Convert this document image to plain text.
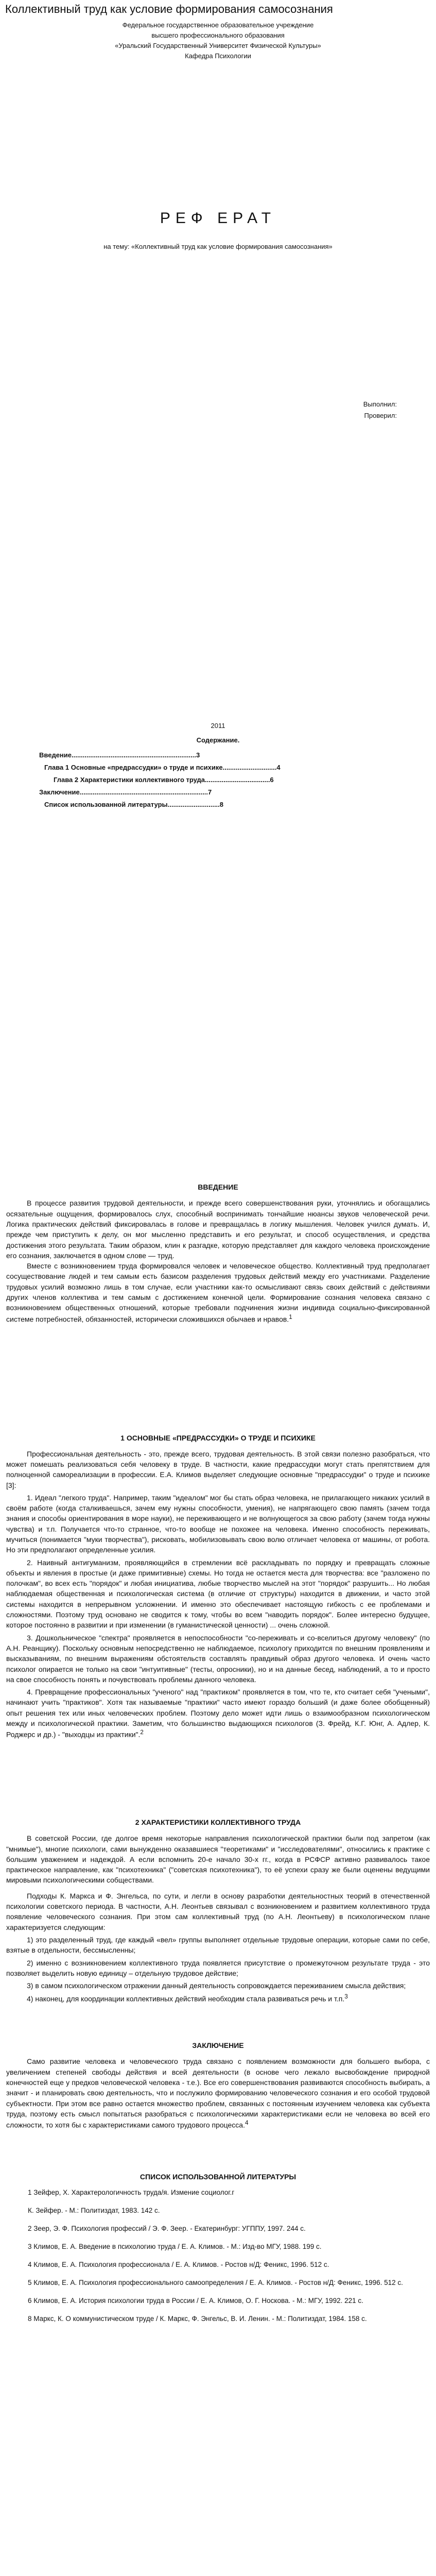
Коллективный труд как условие формирования самосознания
Федеральное государственное образовательное учреждение
высшего профессионального образования
«Уральский Государственный Университет Физической Культуры»
Кафедра Психологии
РЕФ ЕРАТ
на тему: «Коллективный труд как условие формирования самосознания»
Выполнил:
Проверил:
2011
Содержание.
Введение...................................................................3
Глава 1 Основные «предрассудки» о труде и психике.............................4
Глава 2 Характеристики коллективного труда...................................6
Заключение.....................................................................7
Список использованной литературы............................8
ВВЕДЕНИЕ

В процессе развития трудовой деятельности, и прежде всего совершенствования руки, уточнялись и обогащались осязательные ощущения, формировалось слух, способный воспринимать тончайшие нюансы звуков человеческой речи. Логика практических действий фиксировалась в голове и превращалась в логику мышления. Человек учился думать. И, прежде чем приступить к делу, он мог мысленно представить и его результат, и способ осуществления, и средства достижения этого результата. Таким образом, клин к разгадке, которую представляет для каждого человека происхождение его сознания, заключается в одном слове — труд.

Вместе с возникновением труда формировался человек и человеческое общество. Коллективный труд предполагает сосуществование людей и тем самым есть базисом разделения трудовых действий между его участниками. Разделение трудовых усилий возможно лишь в том случае, если участники как-то осмысливают связь своих действий с действиями других членов коллектива и тем самым с достижением конечной цели. Формирование сознания человека связано с возникновением общественных отношений, которые требовали подчинения жизни индивида социально-фиксированной системе потребностей, обязанностей, исторически сложившихся обычаев и нравов.$^1$

1 ОСНОВНЫЕ «ПРЕДРАССУДКИ» О ТРУДЕ И ПСИХИКЕ

Профессиональная деятельность - это, прежде всего, трудовая деятельность. В этой связи полезно разобраться, что может помешать реализоваться себя человеку в труде. В частности, какие предрассудки могут стать препятствием для полноценной самореализации в профессии. Е.А. Климов выделяет следующие основные "предрассудки" о труде и психике [3]:

1. Идеал "легкого труда". Например, таким "идеалом" мог бы стать образ человека, не прилагающего никаких усилий в своём работе (когда сталкиваешься, зачем ему нужны способности, умения), не напрягающего свою память (зачем тогда знания и способы ориентирования в море науки), не переживающего и не волнующегося за свою работу (зачем тогда нужны чувства) и т.п. Получается что-то странное, что-то вообще не похожее на человека. Именно способность переживать, мучиться (понимается "муки творчества"), рисковать, мобилизовывать свою волю отличает человека от машины, от робота. Но эти предполагают определенные усилия.

2. Наивный антигуманизм, проявляющийся в стремлении всё раскладывать по порядку и превращать сложные объекты и явления в простые (и даже примитивные) схемы. Но тогда не остается места для творчества: все "разложено по полочкам", во всех есть "порядок" и любая инициатива, любые творчество мыслей на этот "порядок" разрушить... Но любая наблюдаемая общественная и психологическая система (в отличие от структуры) находится в движении, и часто этой системы находится в непрерывном усложнении. И именно это обеспечивает настоящую гибкость с ее проблемами и сложностями. Поэтому труд основано не сводится к тому, чтобы во всем "наводить порядок". Более интересно будущее, которое постоянно в развитии и при изменении (в гуманистической ценности) ... очень сложной.

3. Дошкольническое "спектра" проявляется в непоспособности "со-переживать и со-вселиться другому человеку" (по А.Н. Реанщику). Поскольку основным непосредственно не наблюдаемое, психологу приходится по внешним проявлениям и высказываниям, по внешним выражениям обстоятельств составлять правдивый образ другого человека. И очень часто психолог опирается не только на свои "интуитивные" (тесты, опросники), но и на данные бесед, наблюдений, а то и просто на свое способность понять и почувствовать проблемы данного человека.

4. Превращение профессиональных "ученого" над "практиком" проявляется в том, что те, кто считает себя "учеными", начинают учить "практиков". Хотя так называемые "практики" часто имеют гораздо больший (и даже более обобщенный) опыт решения тех или иных человеческих проблем. Поэтому дело может идти лишь о взаимообразном психологическом между и психологической практики. Заметим, что большинство выдающихся психологов (З. Фрейд, К.Г. Юнг, А. Адлер, К. Роджерс и др.) - "выходцы из практики".$^2$

2 ХАРАКТЕРИСТИКИ КОЛЛЕКТИВНОГО ТРУДА

В советской России, где долгое время некоторые направления психологической практики были под запретом (как "мнимые"), многие психологи, сами вынужденно оказавшиеся "теоретиками" и "исследователями", относились к практике с большим уважением и надеждой. А если вспомнить 20-е начало 30-х гг., когда в РСФСР активно развивалось такое практическое направление, как "психотехника" ("советская психотехника"), то её успехи сразу же были оценены ведущими мировыми психологическими собществами.

Подходы К. Маркса и Ф. Энгельса, по сути, и легли в основу разработки деятельностных теорий в отечественной психологии советского периода. В частности, А.Н. Леонтьев связывал с возникновением и развитием коллективного труда появление человеческого сознания. При этом сам коллективный труд (по А.Н. Леонтьеву) в психологическом плане характеризуется следующим:

1) это разделенный труд, где каждый «вел» группы выполняет отдельные трудовые операции, которые сами по себе, взятые в отдельности, бессмысленны;

2) именно с возникновением коллективного труда появляется присутствие о промежуточном результате труда - это позволяет выделить новую единицу – отдельную трудовое действие;

3) в самом психологическом отражении данный деятельность сопровождается переживанием смысла действия;

4) наконец, для координации коллективных действий необходим стала развиваться речь и т.п.$^3$

ЗАКЛЮЧЕНИЕ

Само развитие человека и человеческого труда связано с появлением возможности для большего выбора, с увеличением степеней свободы действия и всей деятельности (в основе чего лежало высвобождение природной конечностей еще у предков человеческой человека - т.е.). Все его совершенствования развиваются способность выбирать, а значит - и планировать свою деятельность, что и послужило формированию человеческого сознания и его особой трудовой субъектности. При этом все равно остается множество проблем, связанных с постоянным изучением человека как субъекта труда, поэтому есть смысл попытаться разобраться с психологическими характеристиками если не человека во всей его сложности, то хотя бы с характеристиками самого трудового процесса.$^4$

СПИСОК ИСПОЛЬЗОВАННОЙ ЛИТЕРАТУРЫ

1 Зейфер, Х. Характерологичность труда/я. Измение социолог.г

К. Зейфер. - М.: Политиздат, 1983. 142 с.

2 Зеер, Э. Ф. Психология профессий / Э. Ф. Зеер. - Екатеринбург: УГППУ, 1997. 244 с.

3 Климов, Е. А. Введение в психологию труда / Е. А. Климов. - М.: Изд-во МГУ, 1988. 199 с.

4 Климов, Е. А. Психология профессионала / Е. А. Климов. - Ростов н/Д: Феникс, 1996. 512 с.

5 Климов, Е. А. Психология профессионального самоопределения / Е. А. Климов. - Ростов н/Д: Феникс, 1996. 512 с.

6 Климов, Е. А. История психологии труда в России / Е. А. Климов, О. Г. Носкова. - М.: МГУ, 1992. 221 с.

8 Маркс, К. О коммунистическом труде / К. Маркс, Ф. Энгельс, В. И. Ленин. - М.: Политиздат, 1984. 158 с.
